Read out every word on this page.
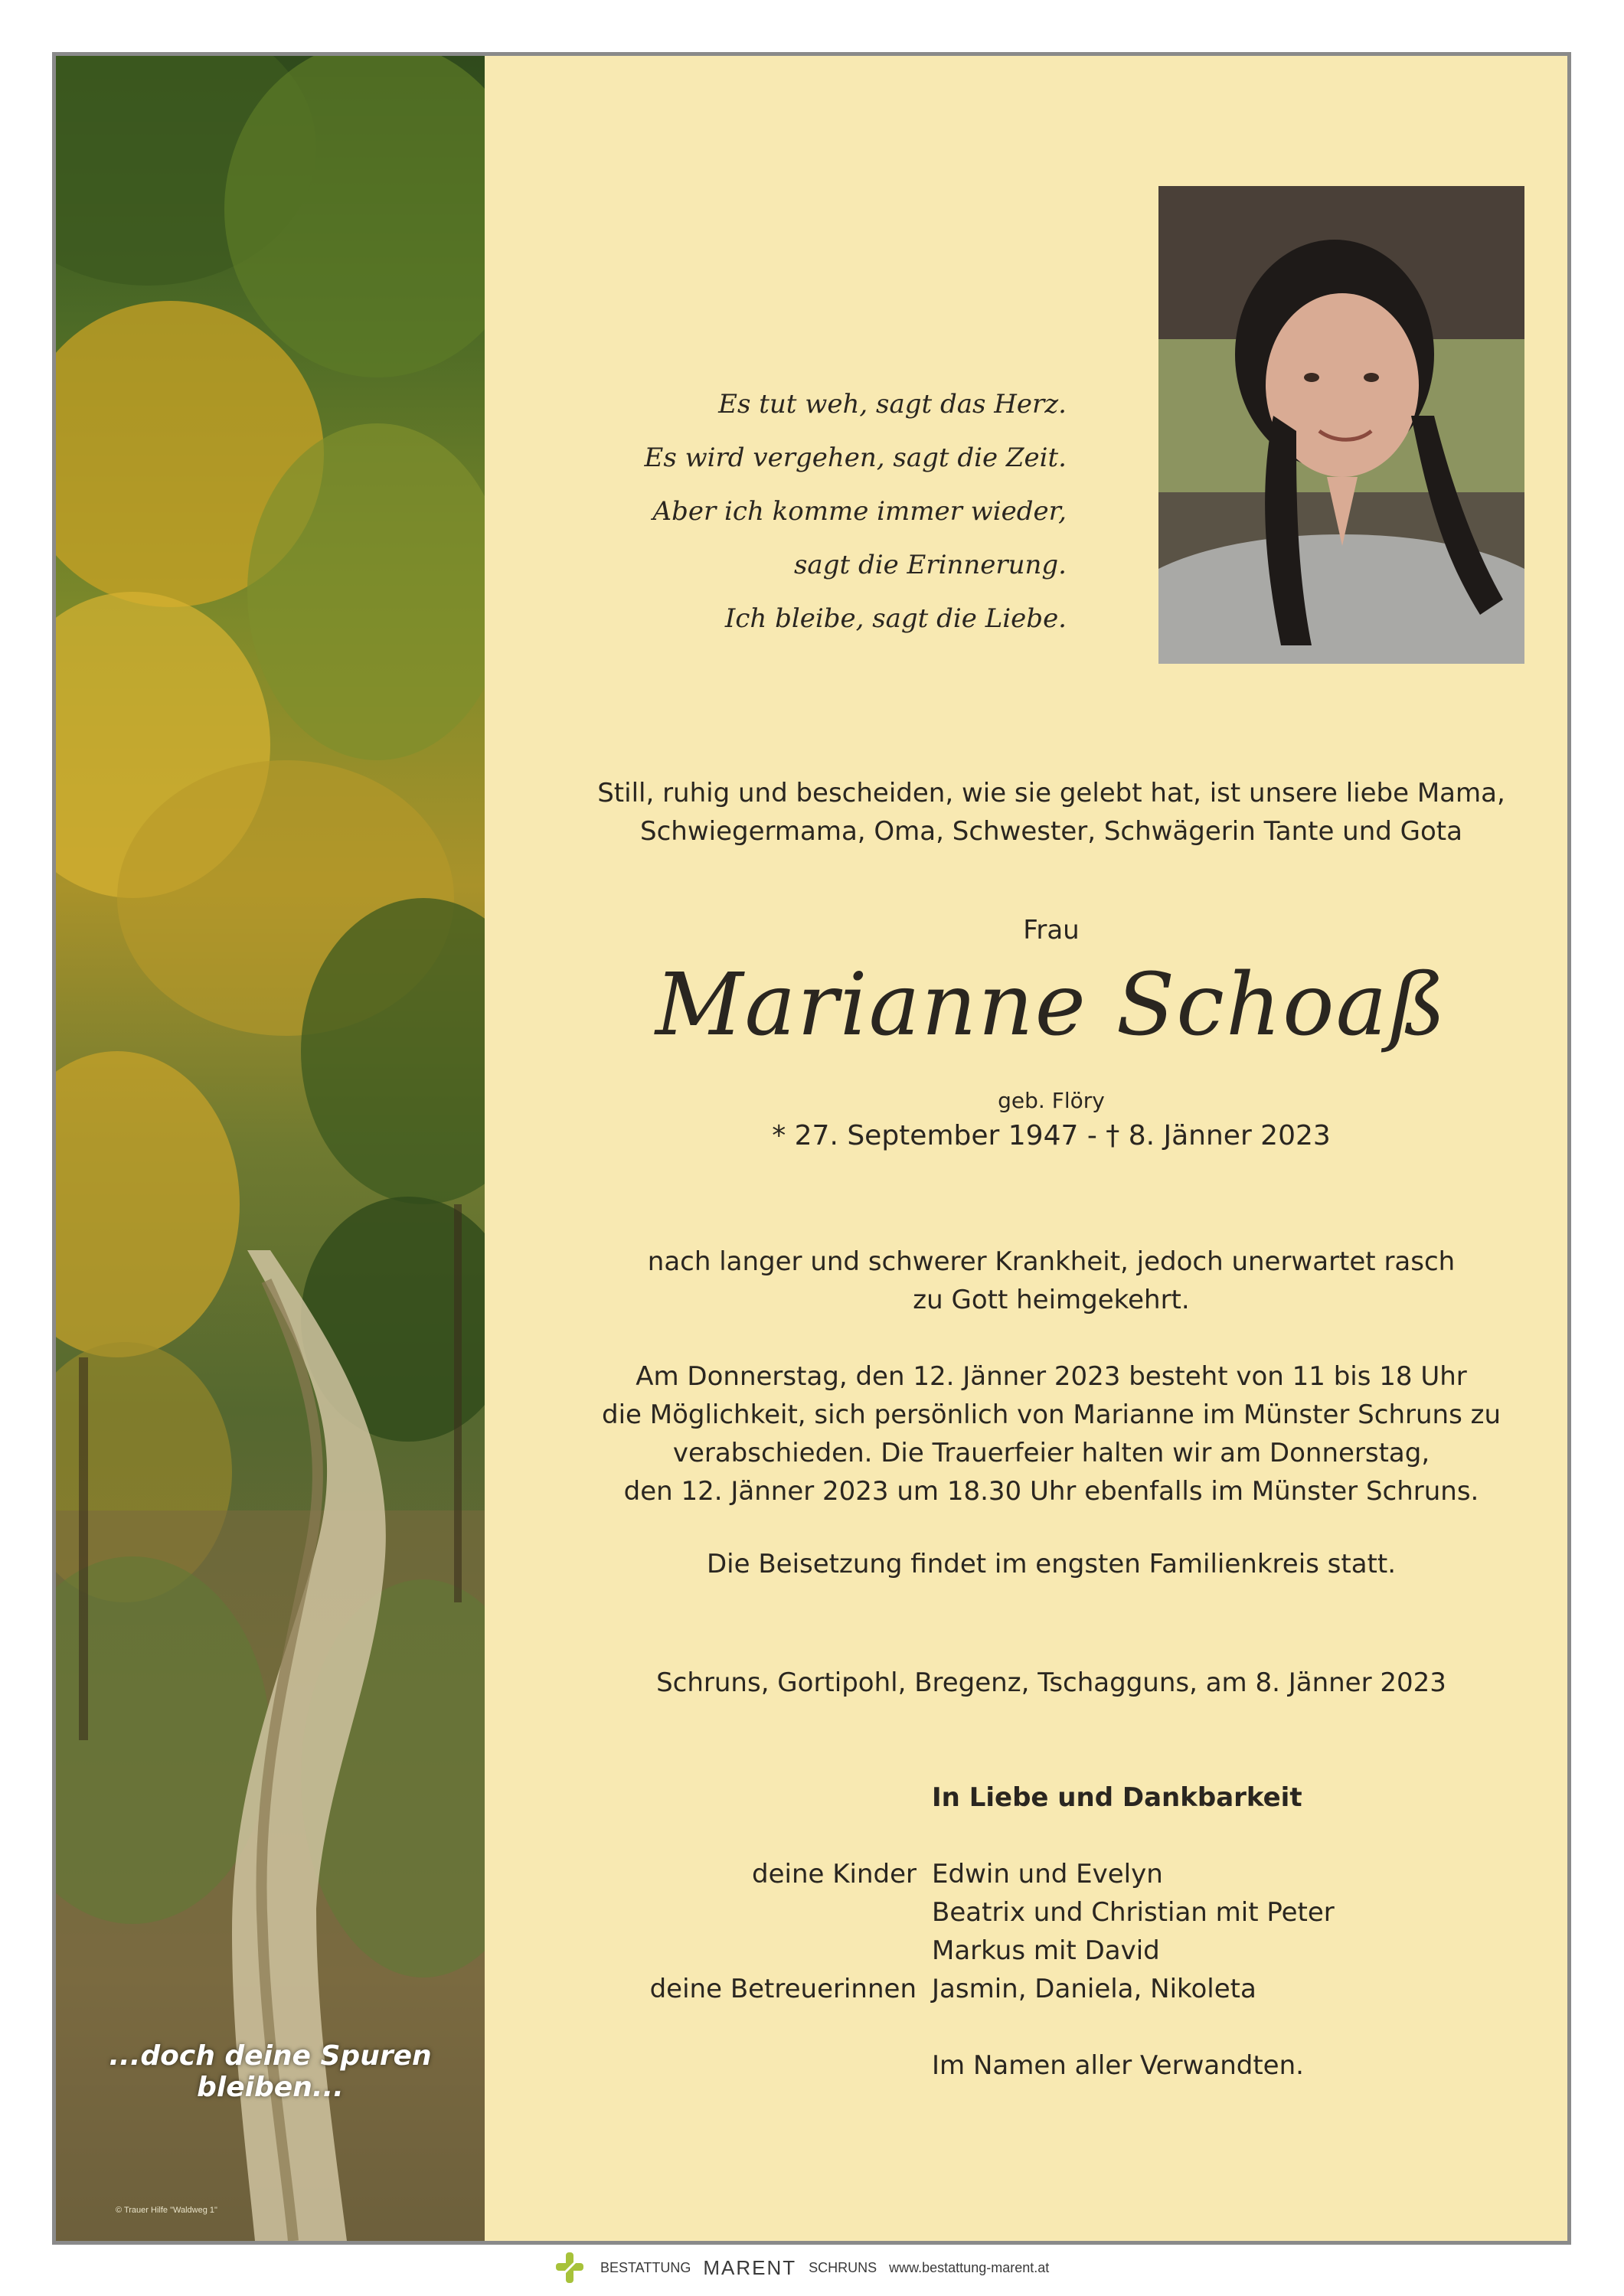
...doch deine Spuren bleiben...
© Trauer Hilfe "Waldweg 1"
Es tut weh, sagt das Herz.
Es wird vergehen, sagt die Zeit.
Aber ich komme immer wieder,
sagt die Erinnerung.
Ich bleibe, sagt die Liebe.
Still, ruhig und bescheiden, wie sie gelebt hat, ist unsere liebe Mama,
Schwiegermama, Oma, Schwester, Schwägerin Tante und Gota
Frau
Marianne Schoaß
geb. Flöry
* 27. September 1947 - † 8. Jänner 2023
nach langer und schwerer Krankheit, jedoch unerwartet rasch
zu Gott heimgekehrt.
Am Donnerstag, den 12. Jänner 2023 besteht von 11 bis 18 Uhr
die Möglichkeit, sich persönlich von Marianne im Münster Schruns zu
verabschieden. Die Trauerfeier halten wir am Donnerstag,
den 12. Jänner 2023 um 18.30 Uhr ebenfalls im Münster Schruns.
Die Beisetzung findet im engsten Familienkreis statt.
Schruns, Gortipohl, Bregenz, Tschagguns, am 8. Jänner 2023
In Liebe und Dankbarkeit
deine Kinder Edwin und Evelyn
Beatrix und Christian mit Peter
Markus mit David
deine Betreuerinnen Jasmin, Daniela, Nikoleta
Im Namen aller Verwandten.
BESTATTUNG MARENT SCHRUNS www.bestattung-marent.at
